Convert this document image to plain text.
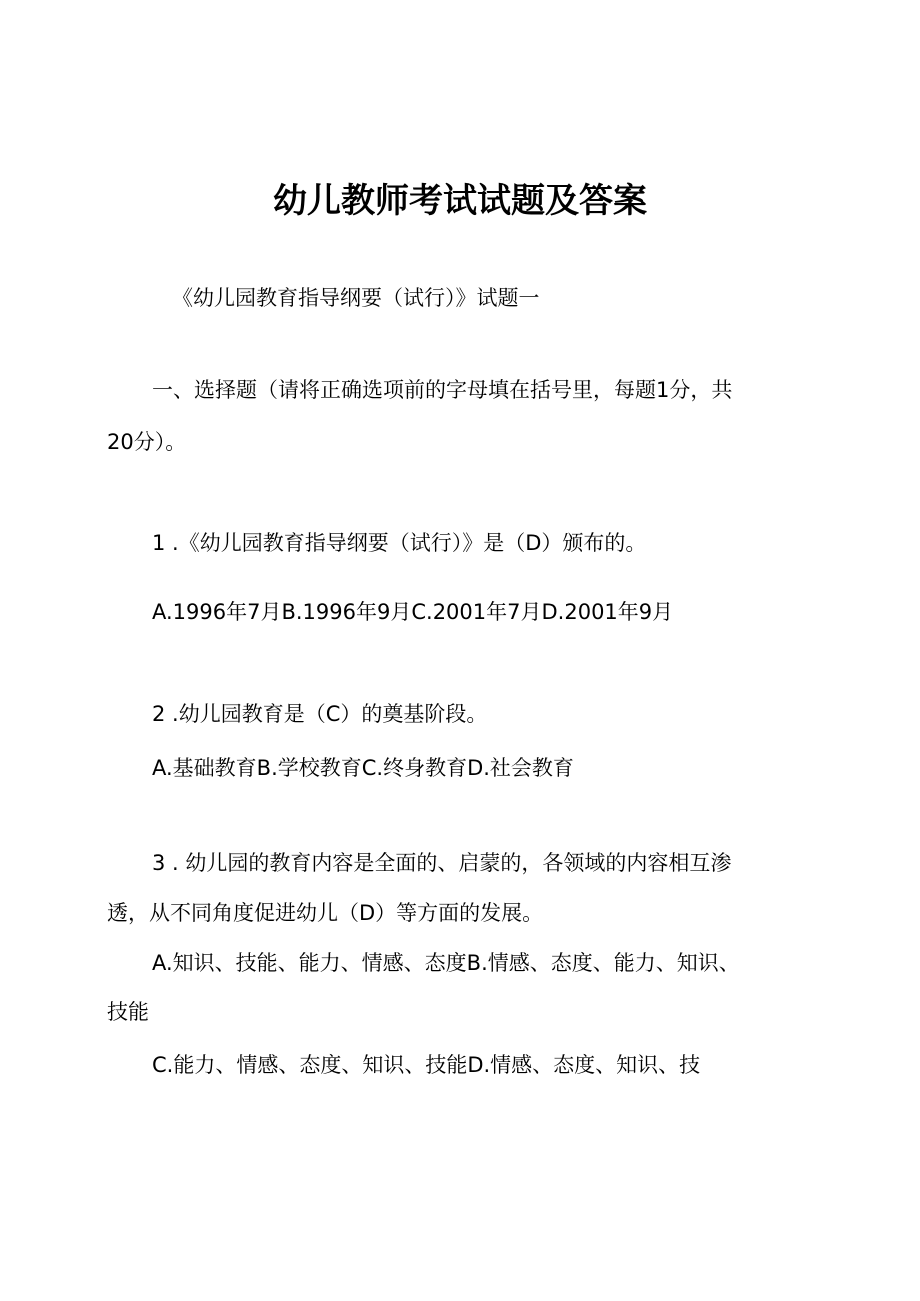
幼儿教师考试试题及答案
《幼儿园教育指导纲要（试行）》试题一
一、选择题（请将正确选项前的字母填在括号里，每题1分，共
20分）。
1 .《幼儿园教育指导纲要（试行）》是（D）颁布的。
A.1996年7月B.1996年9月C.2001年7月D.2001年9月
2 .幼儿园教育是（C）的奠基阶段。
A.基础教育B.学校教育C.终身教育D.社会教育
3 . 幼儿园的教育内容是全面的、启蒙的，各领域的内容相互渗
透，从不同角度促进幼儿（D）等方面的发展。
A.知识、技能、能力、情感、态度B.情感、态度、能力、知识、
技能
C.能力、情感、态度、知识、技能D.情感、态度、知识、技
